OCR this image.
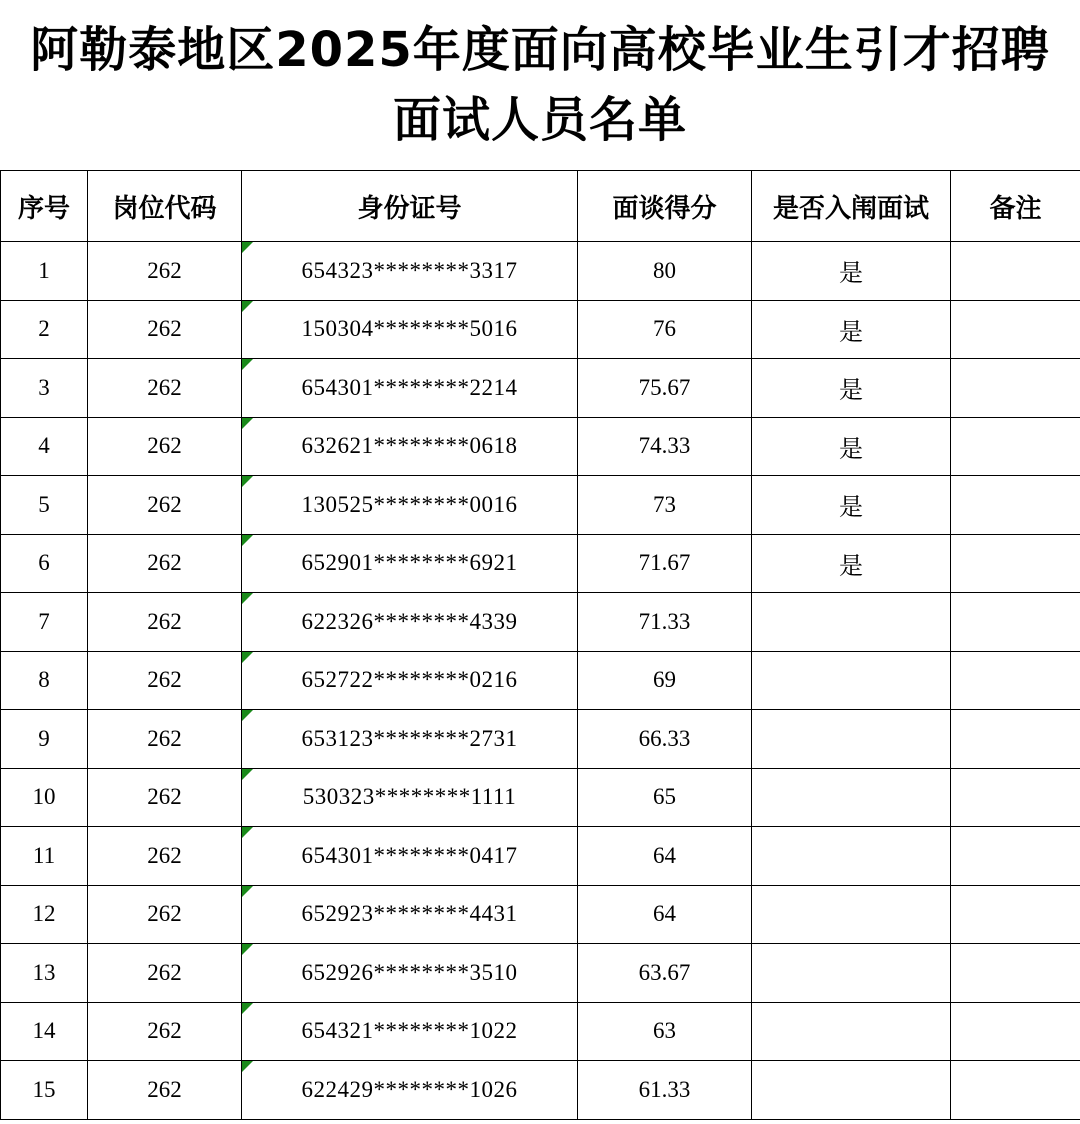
阿勒泰地区2025年度面向高校毕业生引才招聘面试人员名单
序号	岗位代码	身份证号	面谈得分	是否入闱面试	备注
1	262	654323********3317	80	是	
2	262	150304********5016	76	是	
3	262	654301********2214	75.67	是	
4	262	632621********0618	74.33	是	
5	262	130525********0016	73	是	
6	262	652901********6921	71.67	是	
7	262	622326********4339	71.33		
8	262	652722********0216	69		
9	262	653123********2731	66.33		
10	262	530323********1111	65		
11	262	654301********0417	64		
12	262	652923********4431	64		
13	262	652926********3510	63.67		
14	262	654321********1022	63		
15	262	622429********1026	61.33		
